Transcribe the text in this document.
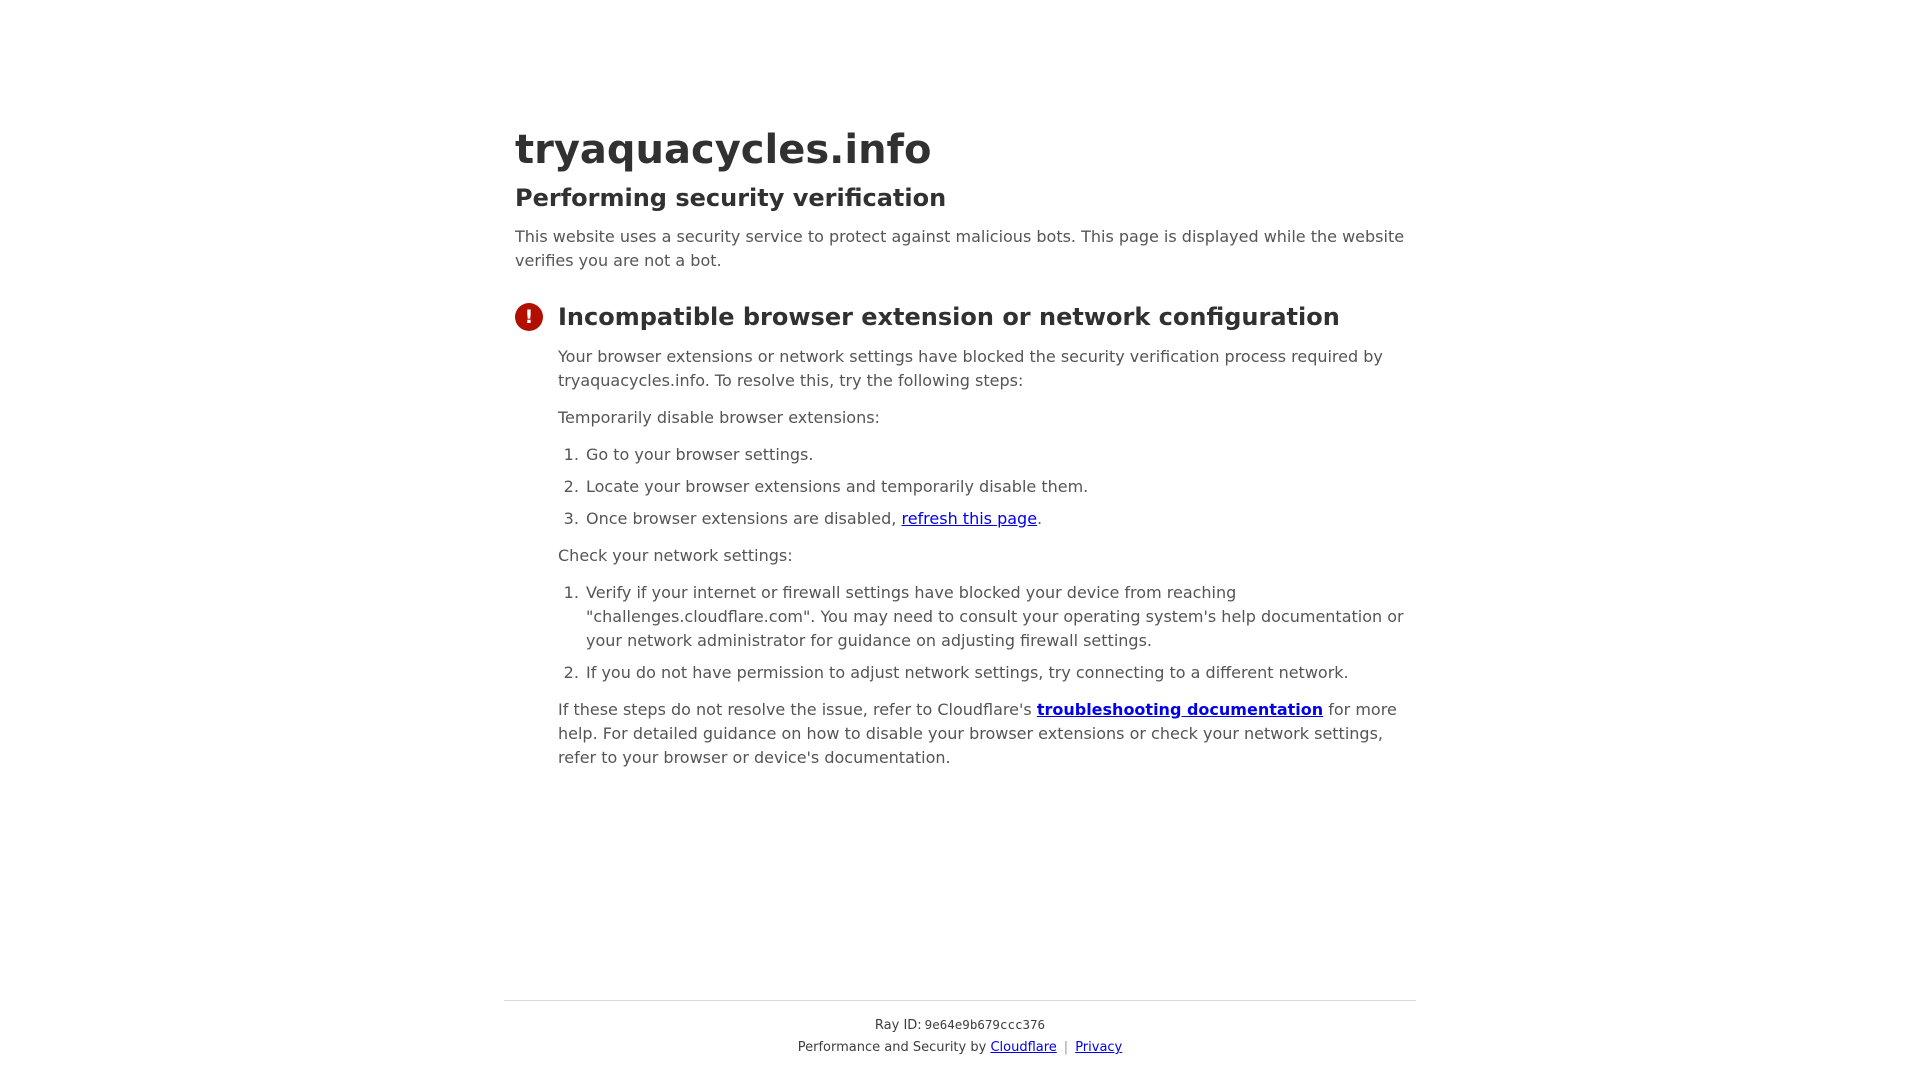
tryaquacycles.info
Performing security verification

This website uses a security service to protect against malicious bots. This page is displayed while the website verifies you are not a bot.

! Incompatible browser extension or network configuration

Your browser extensions or network settings have blocked the security verification process required by tryaquacycles.info. To resolve this, try the following steps:

Temporarily disable browser extensions:

1. Go to your browser settings.
2. Locate your browser extensions and temporarily disable them.
3. Once browser extensions are disabled, refresh this page.

Check your network settings:

1. Verify if your internet or firewall settings have blocked your device from reaching "challenges.cloudflare.com". You may need to consult your operating system's help documentation or your network administrator for guidance on adjusting firewall settings.
2. If you do not have permission to adjust network settings, try connecting to a different network.

If these steps do not resolve the issue, refer to Cloudflare's troubleshooting documentation for more help. For detailed guidance on how to disable your browser extensions or check your network settings, refer to your browser or device's documentation.

Ray ID: 9e64e9b679ccc376
Performance and Security by Cloudflare | Privacy
